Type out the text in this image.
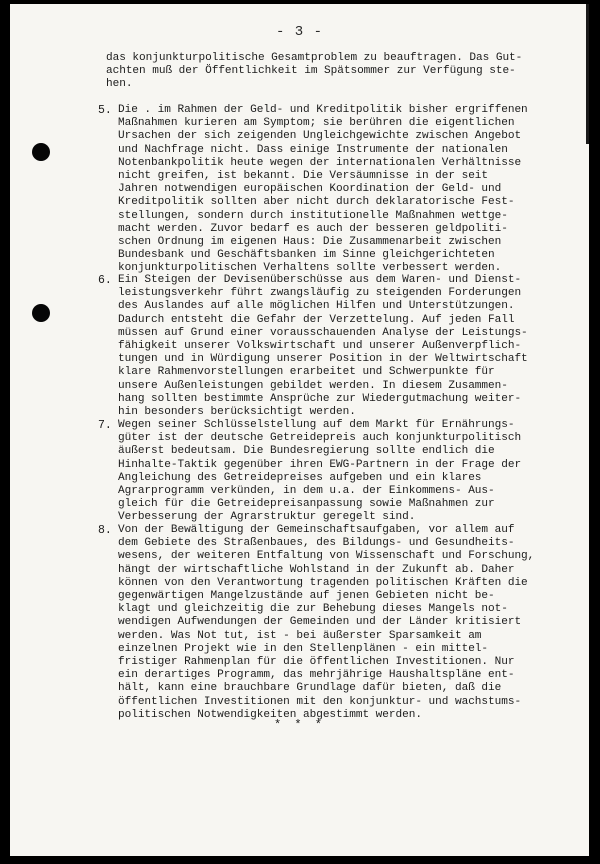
- 3 -
das konjunkturpolitische Gesamtproblem zu beauftragen. Das Gut-
achten muß der Öffentlichkeit im Spätsommer zur Verfügung ste-
hen.
5. Die . im Rahmen der Geld- und Kreditpolitik bisher ergriffenen
Maßnahmen kurieren am Symptom; sie berühren die eigentlichen
Ursachen der sich zeigenden Ungleichgewichte zwischen Angebot
und Nachfrage nicht. Dass einige Instrumente der nationalen
Notenbankpolitik heute wegen der internationalen Verhältnisse
nicht greifen, ist bekannt. Die Versäumnisse in der seit
Jahren notwendigen europäischen Koordination der Geld- und
Kreditpolitik sollten aber nicht durch deklaratorische Fest-
stellungen, sondern durch institutionelle Maßnahmen wettge-
macht werden. Zuvor bedarf es auch der besseren geldpoliti-
schen Ordnung im eigenen Haus: Die Zusammenarbeit zwischen
Bundesbank und Geschäftsbanken im Sinne gleichgerichteten
konjunkturpolitischen Verhaltens sollte verbessert werden.
6. Ein Steigen der Devisenüberschüsse aus dem Waren- und Dienst-
leistungsverkehr führt zwangsläufig zu steigenden Forderungen
des Auslandes auf alle möglichen Hilfen und Unterstützungen.
Dadurch entsteht die Gefahr der Verzettelung. Auf jeden Fall
müssen auf Grund einer vorausschauenden Analyse der Leistungs-
fähigkeit unserer Volkswirtschaft und unserer Außenverpflich-
tungen und in Würdigung unserer Position in der Weltwirtschaft
klare Rahmenvorstellungen erarbeitet und Schwerpunkte für
unsere Außenleistungen gebildet werden. In diesem Zusammen-
hang sollten bestimmte Ansprüche zur Wiedergutmachung weiter-
hin besonders berücksichtigt werden.
7. Wegen seiner Schlüsselstellung auf dem Markt für Ernährungs-
güter ist der deutsche Getreidepreis auch konjunkturpolitisch
äußerst bedeutsam. Die Bundesregierung sollte endlich die
Hinhalte-Taktik gegenüber ihren EWG-Partnern in der Frage der
Angleichung des Getreidepreises aufgeben und ein klares
Agrarprogramm verkünden, in dem u.a. der Einkommens- Aus-
gleich für die Getreidepreisanpassung sowie Maßnahmen zur
Verbesserung der Agrarstruktur geregelt sind.
8. Von der Bewältigung der Gemeinschaftsaufgaben, vor allem auf
dem Gebiete des Straßenbaues, des Bildungs- und Gesundheits-
wesens, der weiteren Entfaltung von Wissenschaft und Forschung,
hängt der wirtschaftliche Wohlstand in der Zukunft ab. Daher
können von den Verantwortung tragenden politischen Kräften die
gegenwärtigen Mangelzustände auf jenen Gebieten nicht be-
klagt und gleichzeitig die zur Behebung dieses Mangels not-
wendigen Aufwendungen der Gemeinden und der Länder kritisiert
werden. Was Not tut, ist - bei äußerster Sparsamkeit am
einzelnen Projekt wie in den Stellenplänen - ein mittel-
fristiger Rahmenplan für die öffentlichen Investitionen. Nur
ein derartiges Programm, das mehrjährige Haushaltspläne ent-
hält, kann eine brauchbare Grundlage dafür bieten, daß die
öffentlichen Investitionen mit den konjunktur- und wachstums-
politischen Notwendigkeiten abgestimmt werden.
* * *
